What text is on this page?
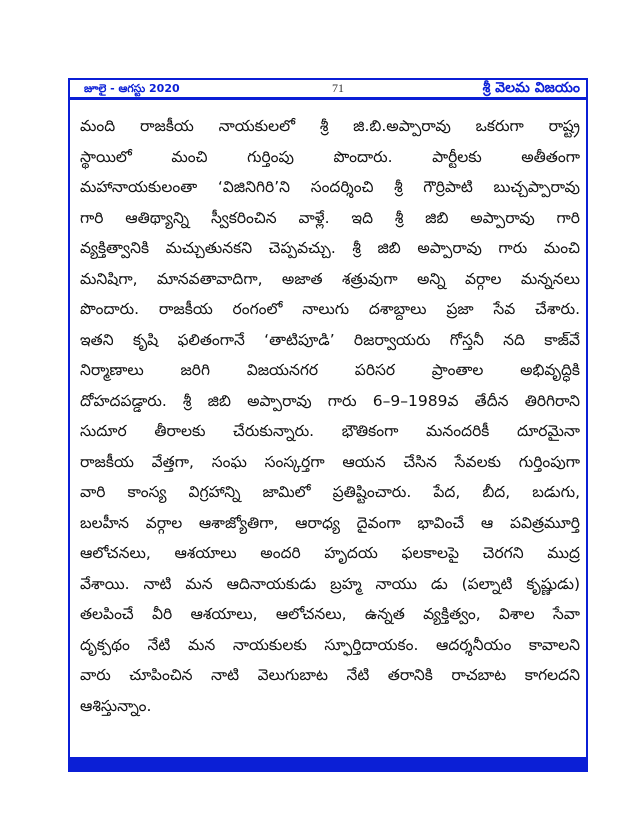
జూలై - ఆగస్టు 2020	71	శ్రీ వెలమ విజయం
మంది రాజకీయ నాయకులలో శ్రీ జి.బి.అప్పారావు ఒకరుగా రాష్ట్ర
స్థాయిలో మంచి గుర్తింపు పొందారు. పార్టీలకు అతీతంగా
మహానాయకులంతా ‘విజినిగిరి’ని సందర్శించి శ్రీ గౌర్రిపాటి బుచ్చప్పారావు
గారి ఆతిథ్యాన్ని స్వీకరించిన వాళ్లే. ఇది శ్రీ జిబి అప్పారావు గారి
వ్యక్తిత్వానికి మచ్చుతునకని చెప్పవచ్చు. శ్రీ జిబి అప్పారావు గారు మంచి
మనిషిగా, మానవతావాదిగా, అజాత శత్రువుగా అన్ని వర్గాల మన్ననలు
పొందారు. రాజకీయ రంగంలో నాలుగు దశాబ్దాలు ప్రజా సేవ చేశారు.
ఇతని కృషి ఫలితంగానే ‘తాటిపూడి’ రిజర్వాయరు గోస్తనీ నది కాజ్‌వే
నిర్మాణాలు జరిగి విజయనగర పరిసర ప్రాంతాల అభివృద్ధికి
దోహదపడ్డారు. శ్రీ జిబి అప్పారావు గారు 6–9–1989వ తేదీన తిరిగిరాని
సుదూర తీరాలకు చేరుకున్నారు. భౌతికంగా మనందరికీ దూరమైనా
రాజకీయ వేత్తగా, సంఘ సంస్కర్తగా ఆయన చేసిన సేవలకు గుర్తింపుగా
వారి కాంస్య విగ్రహాన్ని జామిలో ప్రతిష్టించారు. పేద, బీద, బడుగు,
బలహీన వర్గాల ఆశాజ్యోతిగా, ఆరాధ్య దైవంగా భావించే ఆ పవిత్రమూర్తి
ఆలోచనలు, ఆశయాలు అందరి హృదయ ఫలకాలపై చెరగని ముద్ర
వేశాయి. నాటి మన ఆదినాయకుడు బ్రహ్మ నాయు డు (పల్నాటి కృష్ణుడు)
తలపించే వీరి ఆశయాలు, ఆలోచనలు, ఉన్నత వ్యక్తిత్వం, విశాల సేవా
దృక్పథం నేటి మన నాయకులకు స్ఫూర్తిదాయకం. ఆదర్శనీయం కావాలని
వారు చూపించిన నాటి వెలుగుబాట నేటి తరానికి రాచబాట కాగలదని
ఆశిస్తున్నాం.
